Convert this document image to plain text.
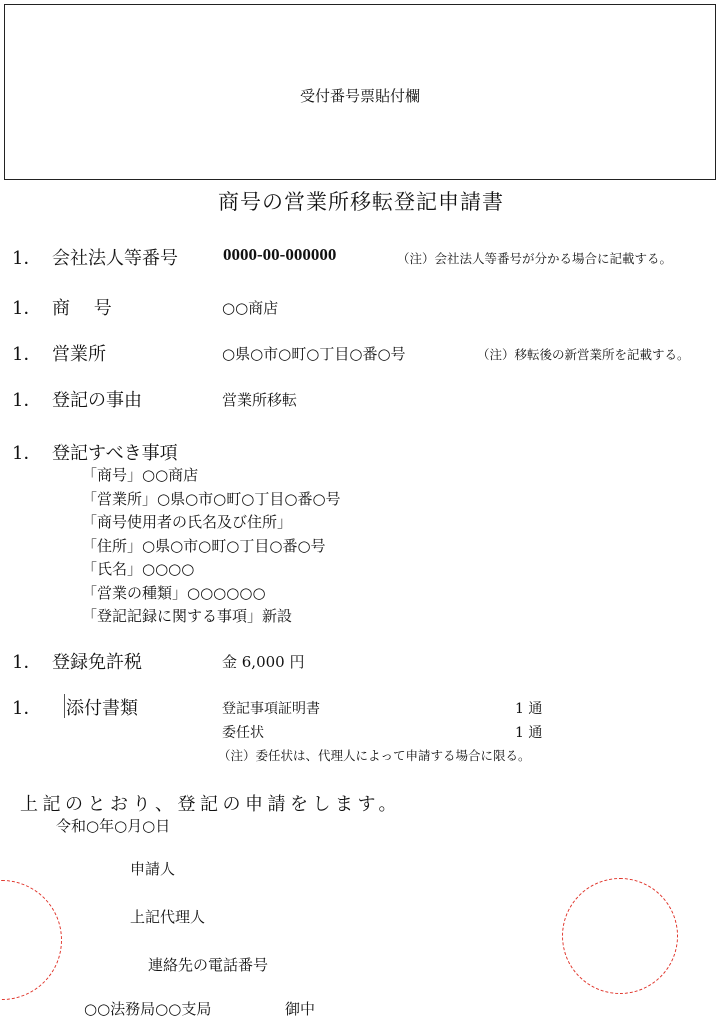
受付番号票貼付欄
商号の営業所移転登記申請書
1． 会社法人等番号	0000-00-000000	（注）会社法人等番号が分かる場合に記載する。
1． 商　 号	○○商店
1． 営業所	○県○市○町○丁目○番○号	（注）移転後の新営業所を記載する。
1． 登記の事由	営業所移転
1． 登記すべき事項
「商号」○○商店
「営業所」○県○市○町○丁目○番○号
「商号使用者の氏名及び住所」
「住所」○県○市○町○丁目○番○号
「氏名」○○○○
「営業の種類」○○○○○○
「登記記録に関する事項」新設
1． 登録免許税	金 6,000 円
1． 添付書類	登記事項証明書	1 通
委任状	1 通
（注）委任状は、代理人によって申請する場合に限る。
上記のとおり、登記の申請をします。
令和○年○月○日
申請人
上記代理人
連絡先の電話番号
○○法務局○○支局	御中
